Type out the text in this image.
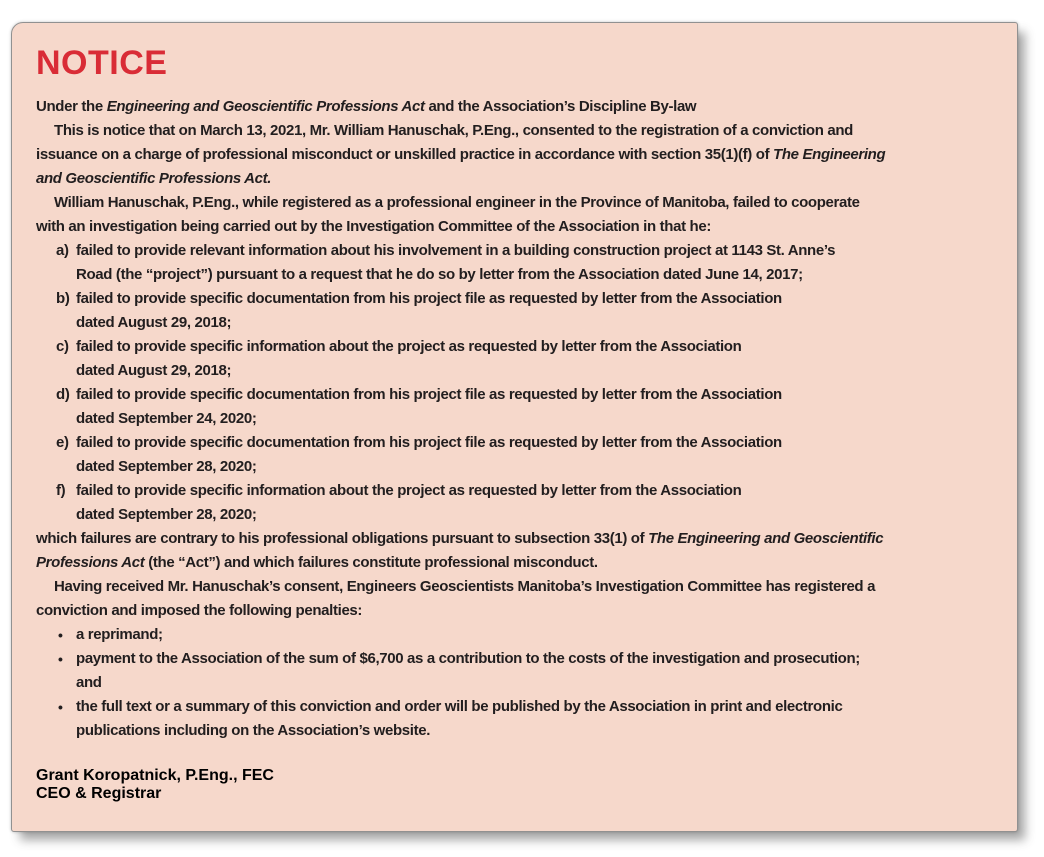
NOTICE

Under the Engineering and Geoscientific Professions Act and the Association’s Discipline By-law

This is notice that on March 13, 2021, Mr. William Hanuschak, P.Eng., consented to the registration of a conviction and
issuance on a charge of professional misconduct or unskilled practice in accordance with section 35(1)(f) of The Engineering
and Geoscientific Professions Act.

William Hanuschak, P.Eng., while registered as a professional engineer in the Province of Manitoba, failed to cooperate
with an investigation being carried out by the Investigation Committee of the Association in that he:

a) failed to provide relevant information about his involvement in a building construction project at 1143 St. Anne’s
Road (the “project”) pursuant to a request that he do so by letter from the Association dated June 14, 2017;
b) failed to provide specific documentation from his project file as requested by letter from the Association
dated August 29, 2018;
c) failed to provide specific information about the project as requested by letter from the Association
dated August 29, 2018;
d) failed to provide specific documentation from his project file as requested by letter from the Association
dated September 24, 2020;
e) failed to provide specific documentation from his project file as requested by letter from the Association
dated September 28, 2020;
f) failed to provide specific information about the project as requested by letter from the Association
dated September 28, 2020;

which failures are contrary to his professional obligations pursuant to subsection 33(1) of The Engineering and Geoscientific
Professions Act (the “Act”) and which failures constitute professional misconduct.

Having received Mr. Hanuschak’s consent, Engineers Geoscientists Manitoba’s Investigation Committee has registered a
conviction and imposed the following penalties:

• a reprimand;
• payment to the Association of the sum of $6,700 as a contribution to the costs of the investigation and prosecution;
and
• the full text or a summary of this conviction and order will be published by the Association in print and electronic
publications including on the Association’s website.
Grant Koropatnick, P.Eng., FEC
CEO & Registrar
